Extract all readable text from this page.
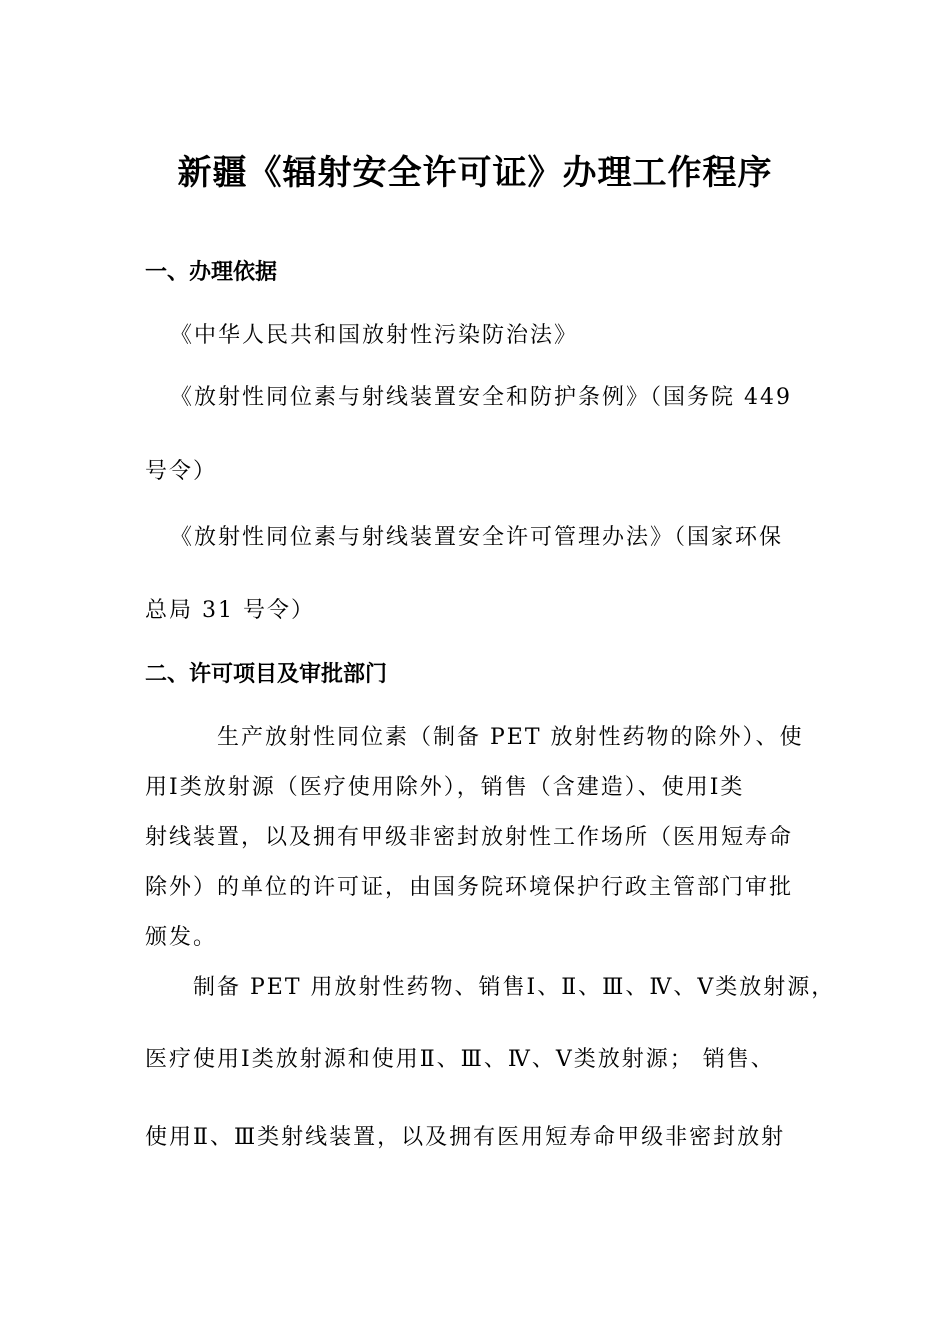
新疆《辐射安全许可证》办理工作程序
一、办理依据

《中华人民共和国放射性污染防治法》

《放射性同位素与射线装置安全和防护条例》（国务院 449

号令）

《放射性同位素与射线装置安全许可管理办法》（国家环保

总局 31 号令）

二、许可项目及审批部门

生产放射性同位素（制备 PET 放射性药物的除外）、使

用Ⅰ类放射源（医疗使用除外），销售（含建造）、使用Ⅰ类

射线装置，以及拥有甲级非密封放射性工作场所（医用短寿命

除外）的单位的许可证，由国务院环境保护行政主管部门审批

颁发。

制备 PET 用放射性药物、销售Ⅰ、Ⅱ、Ⅲ、Ⅳ、Ⅴ类放射源，

医疗使用Ⅰ类放射源和使用Ⅱ、Ⅲ、Ⅳ、Ⅴ类放射源； 销售、

使用Ⅱ、Ⅲ类射线装置，以及拥有医用短寿命甲级非密封放射
